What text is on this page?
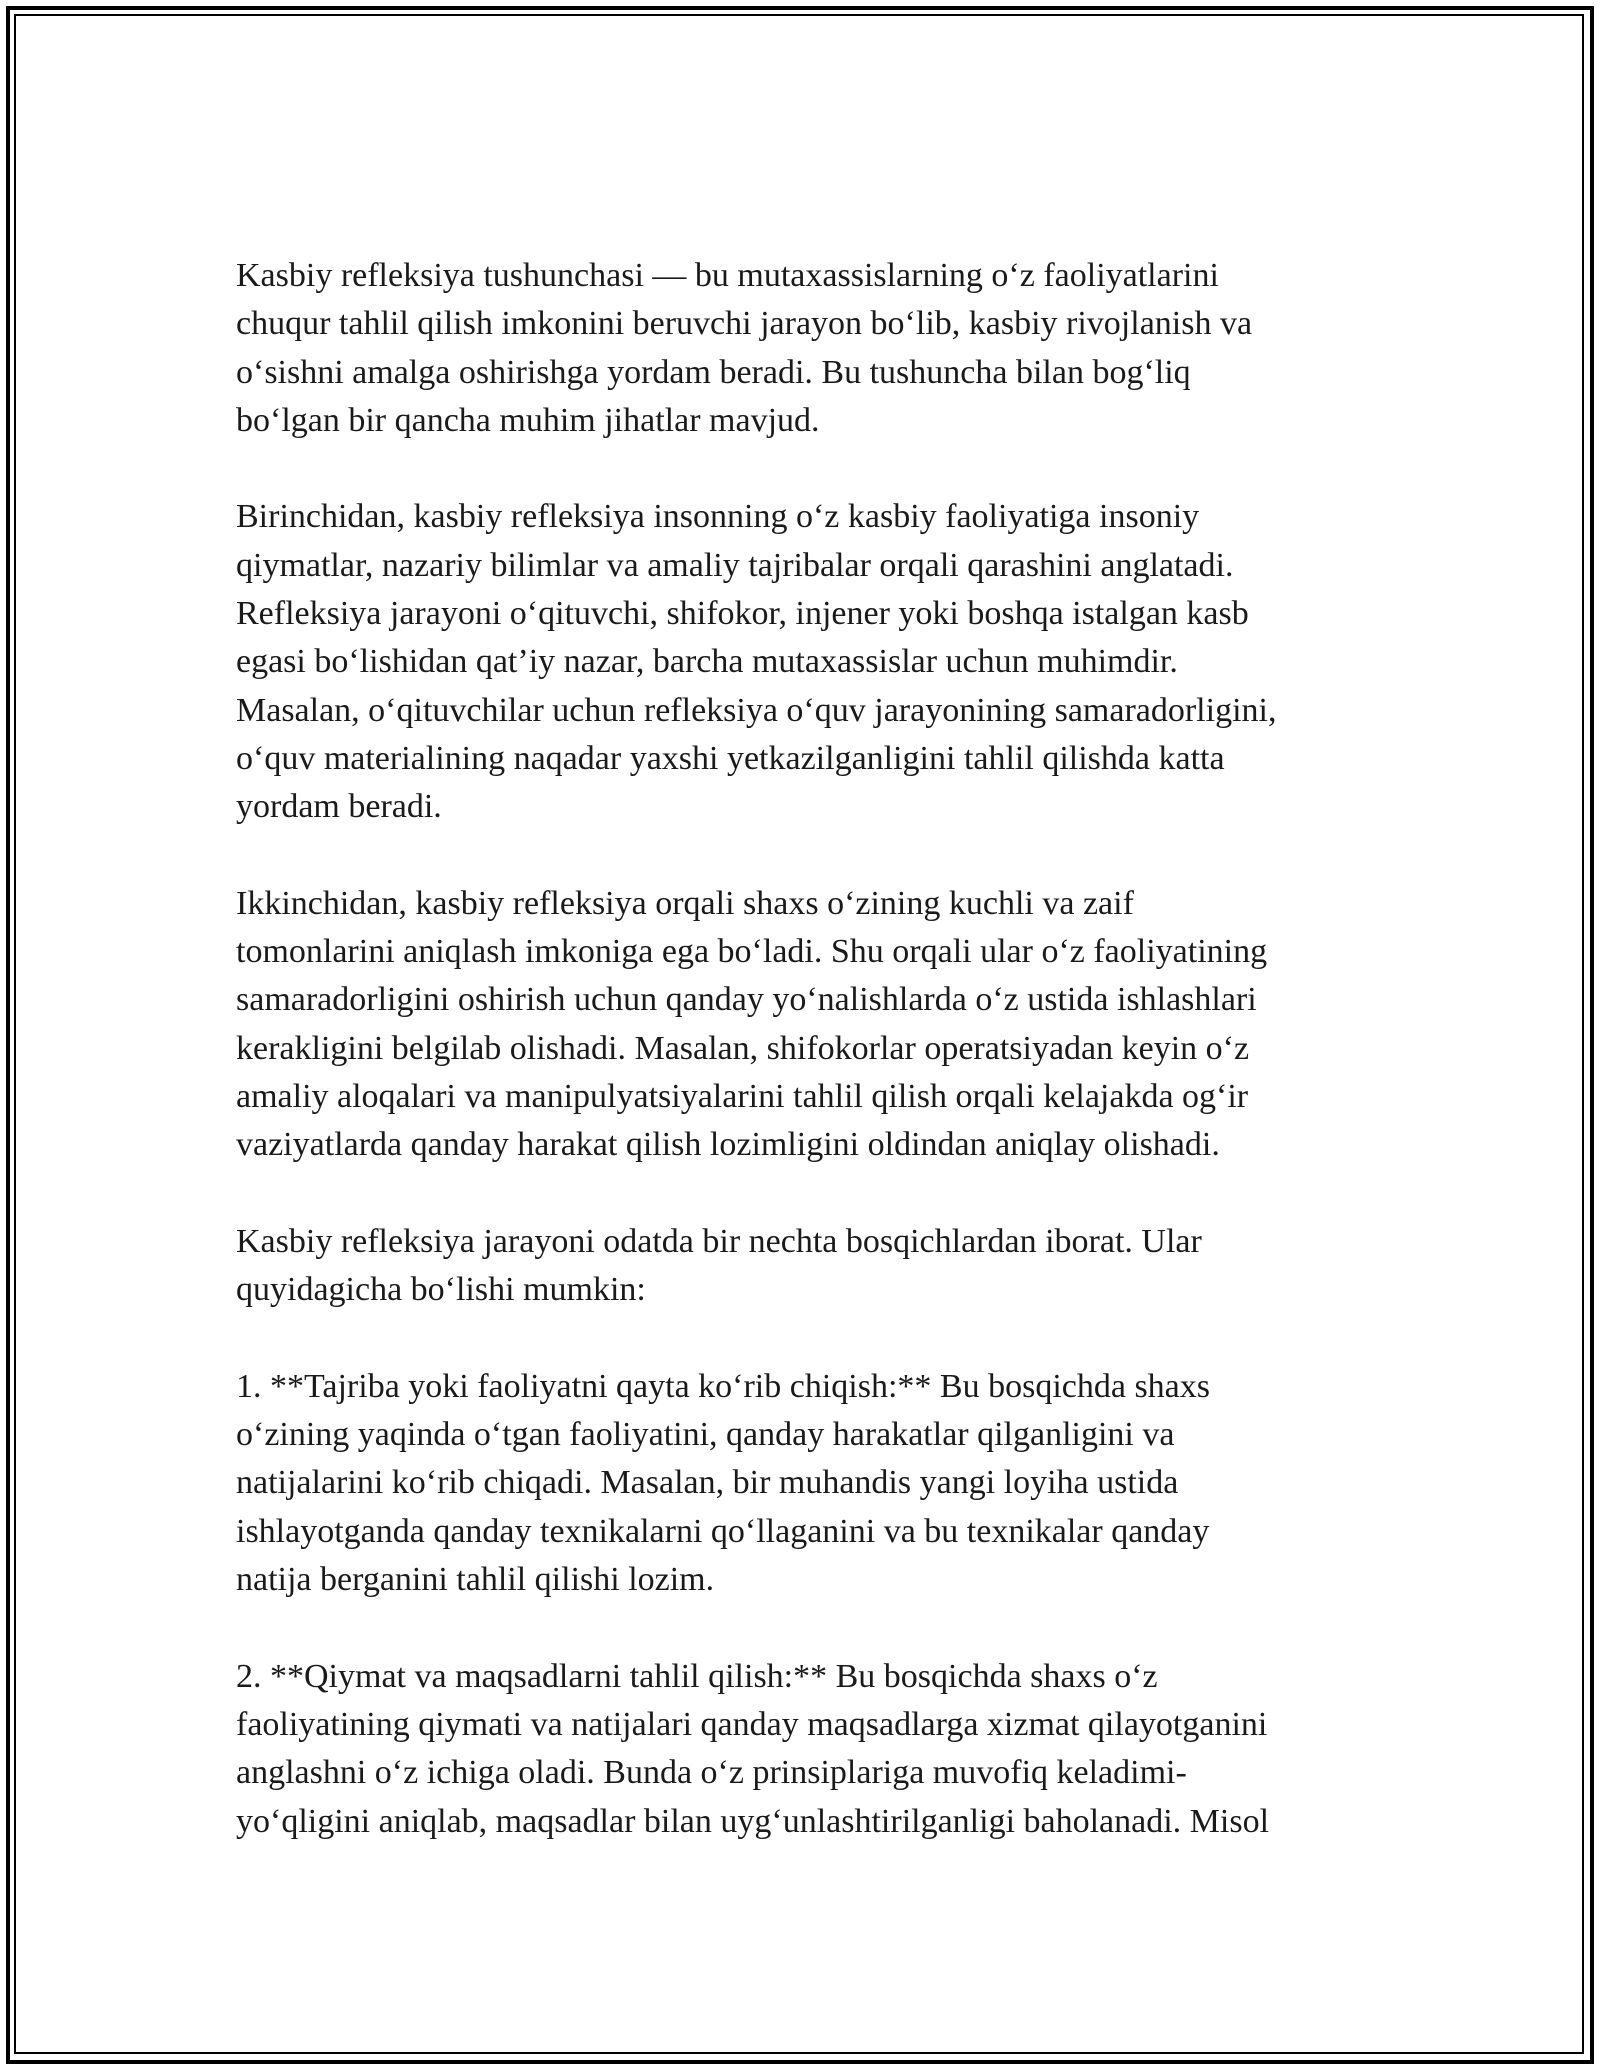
Kasbiy refleksiya tushunchasi — bu mutaxassislarning o‘z faoliyatlarini
chuqur tahlil qilish imkonini beruvchi jarayon bo‘lib, kasbiy rivojlanish va
o‘sishni amalga oshirishga yordam beradi. Bu tushuncha bilan bog‘liq
bo‘lgan bir qancha muhim jihatlar mavjud.

Birinchidan, kasbiy refleksiya insonning o‘z kasbiy faoliyatiga insoniy
qiymatlar, nazariy bilimlar va amaliy tajribalar orqali qarashini anglatadi.
Refleksiya jarayoni o‘qituvchi, shifokor, injener yoki boshqa istalgan kasb
egasi bo‘lishidan qat’iy nazar, barcha mutaxassislar uchun muhimdir.
Masalan, o‘qituvchilar uchun refleksiya o‘quv jarayonining samaradorligini,
o‘quv materialining naqadar yaxshi yetkazilganligini tahlil qilishda katta
yordam beradi.

Ikkinchidan, kasbiy refleksiya orqali shaxs o‘zining kuchli va zaif
tomonlarini aniqlash imkoniga ega bo‘ladi. Shu orqali ular o‘z faoliyatining
samaradorligini oshirish uchun qanday yo‘nalishlarda o‘z ustida ishlashlari
kerakligini belgilab olishadi. Masalan, shifokorlar operatsiyadan keyin o‘z
amaliy aloqalari va manipulyatsiyalarini tahlil qilish orqali kelajakda og‘ir
vaziyatlarda qanday harakat qilish lozimligini oldindan aniqlay olishadi.

Kasbiy refleksiya jarayoni odatda bir nechta bosqichlardan iborat. Ular
quyidagicha bo‘lishi mumkin:

1. **Tajriba yoki faoliyatni qayta ko‘rib chiqish:** Bu bosqichda shaxs
o‘zining yaqinda o‘tgan faoliyatini, qanday harakatlar qilganligini va
natijalarini ko‘rib chiqadi. Masalan, bir muhandis yangi loyiha ustida
ishlayotganda qanday texnikalarni qo‘llaganini va bu texnikalar qanday
natija berganini tahlil qilishi lozim.

2. **Qiymat va maqsadlarni tahlil qilish:** Bu bosqichda shaxs o‘z
faoliyatining qiymati va natijalari qanday maqsadlarga xizmat qilayotganini
anglashni o‘z ichiga oladi. Bunda o‘z prinsiplariga muvofiq keladimi-
yo‘qligini aniqlab, maqsadlar bilan uyg‘unlashtirilganligi baholanadi. Misol
